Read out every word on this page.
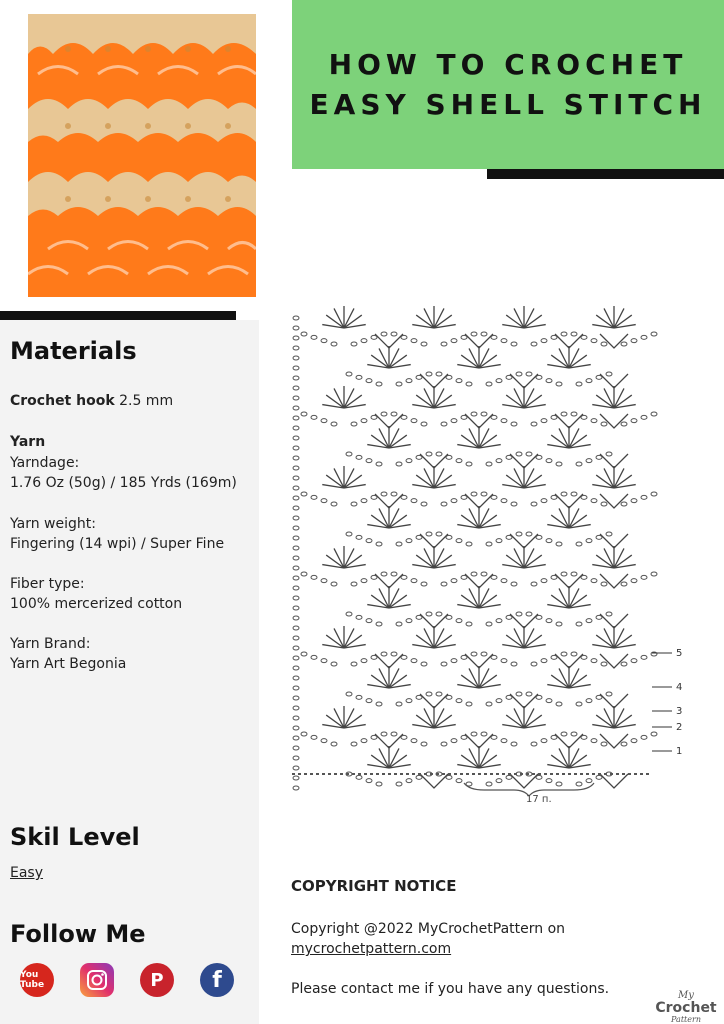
HOW TO CROCHET
EASY SHELL STITCH
Materials
Crochet hook 2.5 mm
Yarn
Yarndage:
1.76 Oz (50g) / 185 Yrds (169m)
Yarn weight:
Fingering (14 wpi) / Super Fine
Fiber type:
100% mercerized cotton
Yarn Brand:
Yarn Art Begonia
Skil Level
Easy
Follow Me
You Tube	P	f
17 п.
1
2
3
4
5
COPYRIGHT NOTICE
Copyright @2022 MyCrochetPattern on
mycrochetpattern.com
Please contact me if you have any questions.	My
Crochet
Pattern
